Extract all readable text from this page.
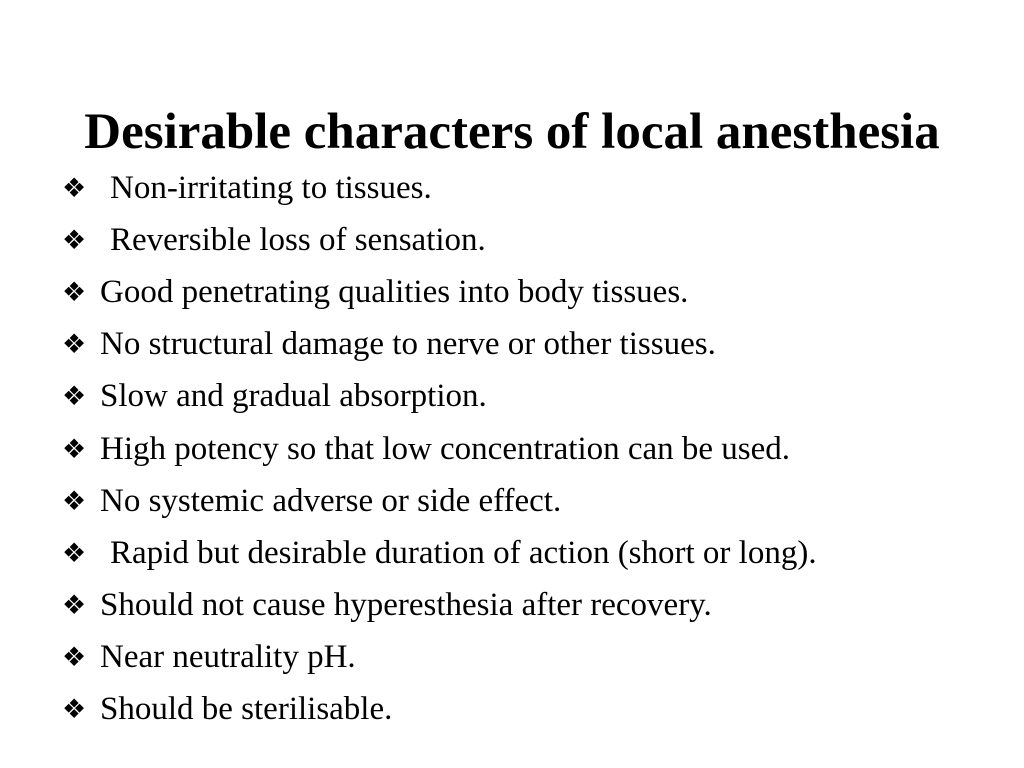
Desirable characters of local anesthesia
❖ Non-irritating to tissues.
❖ Reversible loss of sensation.
❖ Good penetrating qualities into body tissues.
❖ No structural damage to nerve or other tissues.
❖ Slow and gradual absorption.
❖ High potency so that low concentration can be used.
❖ No systemic adverse or side effect.
❖ Rapid but desirable duration of action (short or long).
❖ Should not cause hyperesthesia after recovery.
❖ Near neutrality pH.
❖ Should be sterilisable.
